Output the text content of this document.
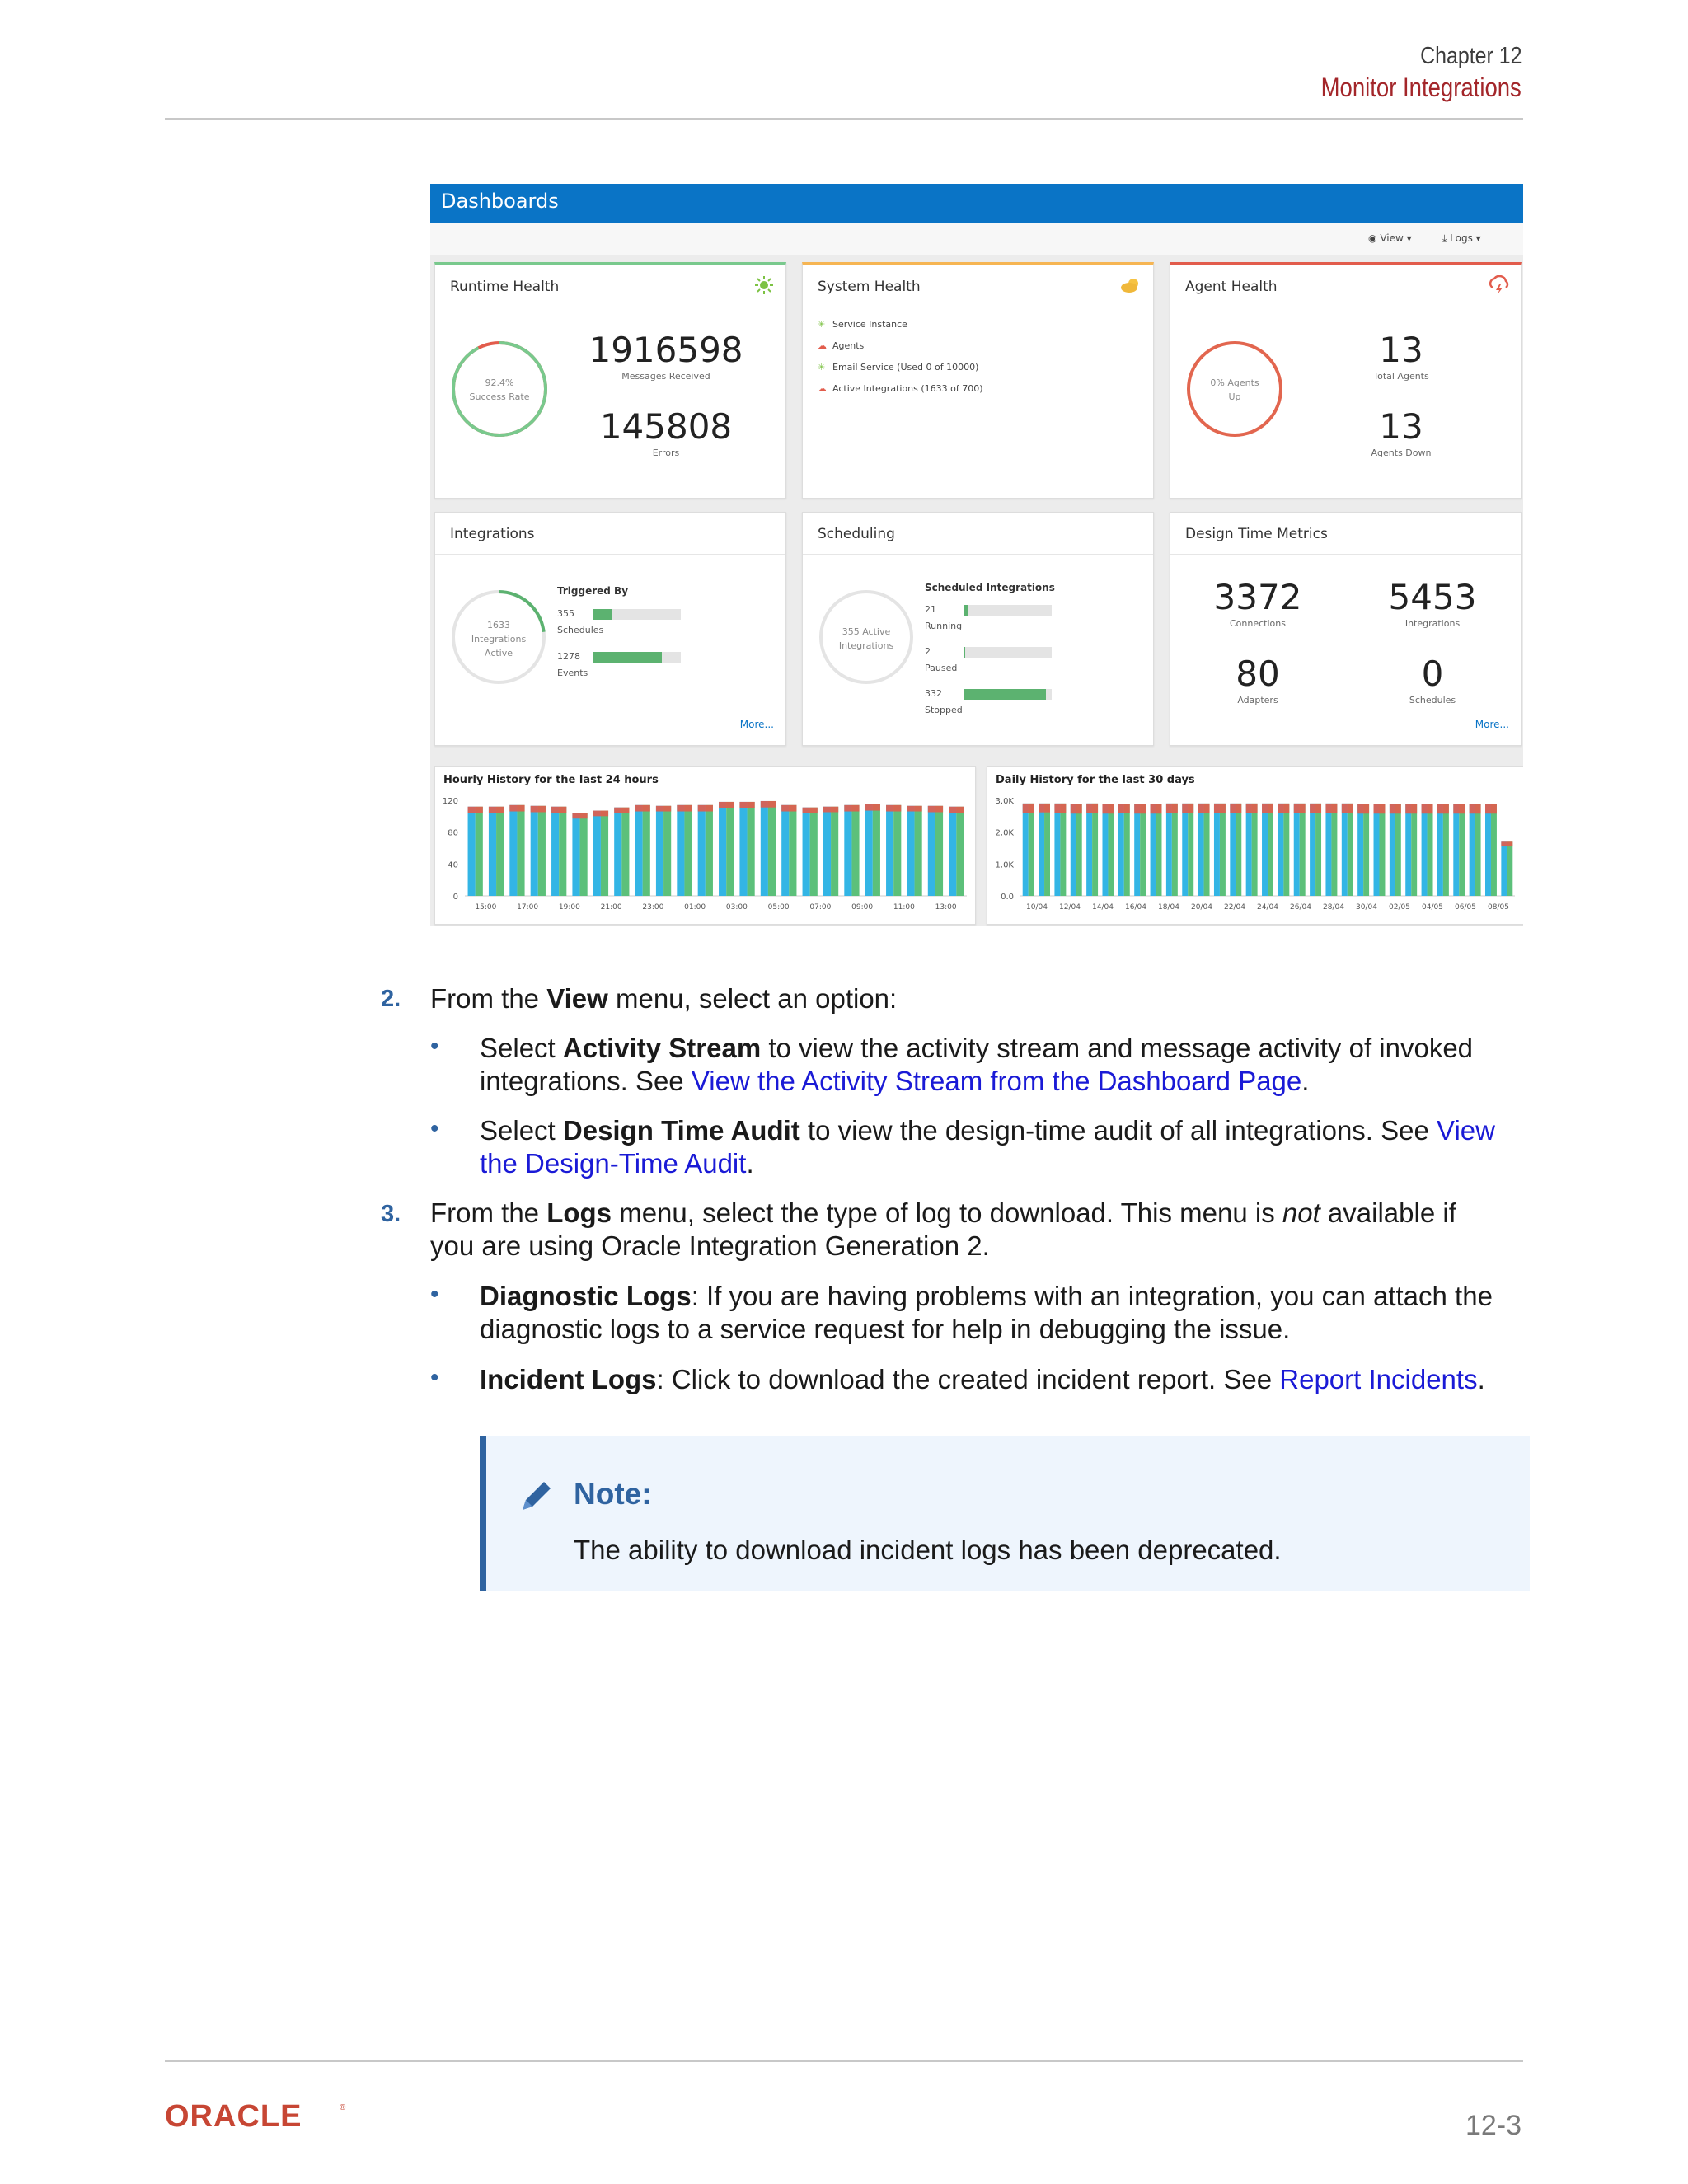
Chapter 12
Monitor Integrations
Dashboards
◉ View ▾	⤓ Logs ▾
Runtime Health
92.4%
Success Rate
1916598
Messages Received
145808
Errors
System Health
✳ Service Instance
☁ Agents
✳ Email Service (Used 0 of 10000)
☁ Active Integrations (1633 of 700)
Agent Health
0% Agents
Up
13
Total Agents
13
Agents Down
Integrations
1633
Integrations
Active
Triggered By
355
Schedules
1278
Events
More...
Scheduling
355 Active
Integrations
Scheduled Integrations
21
Running
2
Paused
332
Stopped
Design Time Metrics
3372
Connections
5453
Integrations
80
Adapters
0
Schedules
More...
Hourly History for the last 24 hours
120
80
40
0
15:00	17:00	19:00	21:00	23:00	01:00	03:00	05:00	07:00	09:00	11:00	13:00
Daily History for the last 30 days
3.0K
2.0K
1.0K
0.0
10/04 12/04 14/04 16/04 18/04 20/04 22/04 24/04 26/04 28/04 30/04 02/05 04/05 06/05 08/05
2. From the View menu, select an option:
• Select Activity Stream to view the activity stream and message activity of invoked
integrations. See View the Activity Stream from the Dashboard Page.
• Select Design Time Audit to view the design-time audit of all integrations. See View
the Design-Time Audit.
3. From the Logs menu, select the type of log to download. This menu is not available if
you are using Oracle Integration Generation 2.
• Diagnostic Logs: If you are having problems with an integration, you can attach the
diagnostic logs to a service request for help in debugging the issue.
• Incident Logs: Click to download the created incident report. See Report Incidents.
Note:
The ability to download incident logs has been deprecated.
ORACLE	®
12-3
